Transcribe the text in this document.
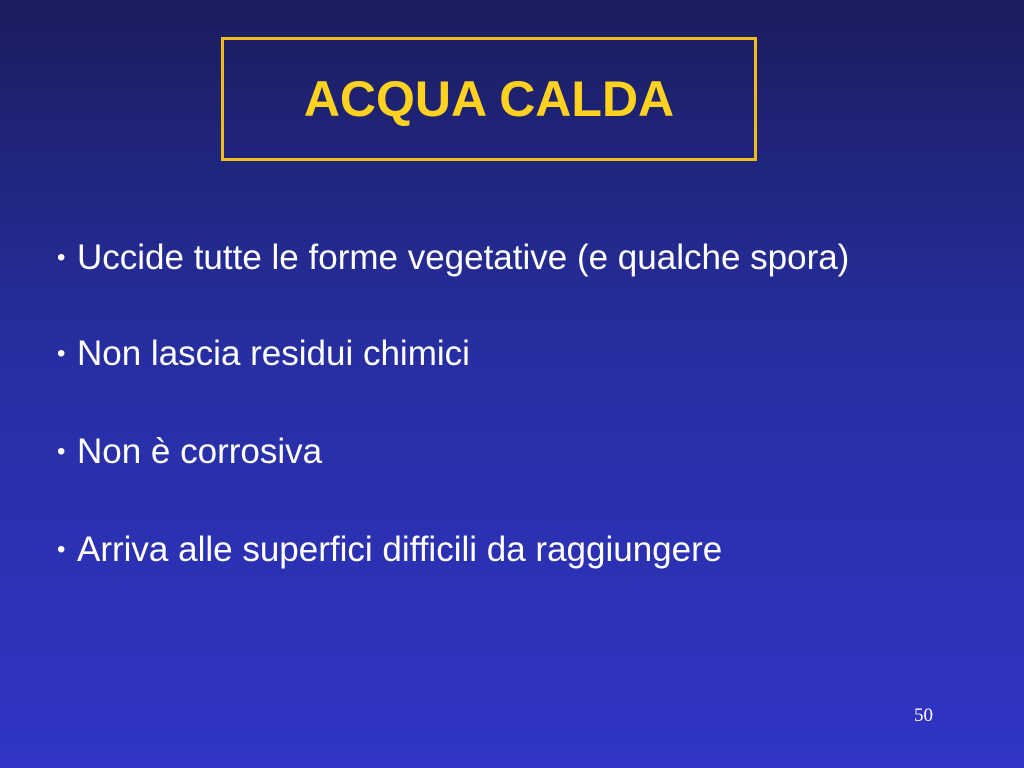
ACQUA CALDA
• Uccide tutte le forme vegetative (e qualche spora)
• Non lascia residui chimici
• Non è corrosiva
• Arriva alle superfici difficili da raggiungere
50
